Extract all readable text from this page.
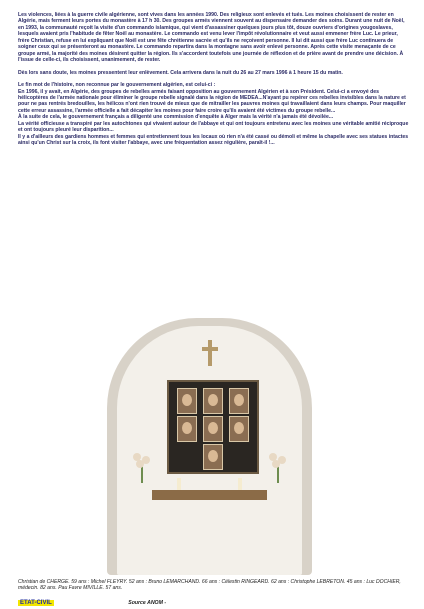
Les violences, liées à la guerre civile algérienne, sont vives dans les années 1990. Des religieux sont enlevés et tués. Les moines choisissent de rester en Algérie, mais ferment leurs portes du monastère à 17 h 30. Des groupes armés viennent souvent au dispensaire demander des soins. Durant une nuit de Noël, en 1993, la communauté reçoit la visite d'un commando islamique, qui vient d'assassiner quelques jours plus tôt, douze ouvriers d'origines yougoslaves, lesquels avaient pris l'habitude de fêter Noël au monastère. Le commando est venu lever l'impôt révolutionnaire et veut aussi emmener frère Luc. Le prieur, frère Christian, refuse en lui expliquant que Noël est une fête chrétienne sacrée et qu'ils ne reçoivent personne. Il lui dit aussi que frère Luc continuera de soigner ceux qui se présenteront au monastère. Le commando repartira dans la montagne sans avoir enlevé personne. Après cette visite menaçante de ce groupe armé, la majorité des moines désirent quitter la région. Ils s'accordent toutefois une journée de réflexion et de prière avant de prendre une décision. À l'issue de celle-ci, ils choisissent, unanimement, de rester.

Dès lors sans doute, les moines pressentent leur enlèvement. Cela arrivera dans la nuit du 26 au 27 mars 1996 à 1 heure 15 du matin.

Le fin mot de l'histoire, non reconnue par le gouvernement algérien, est celui-ci :
En 1996, il y avait, en Algérie, des groupes de rebelles armés faisant opposition au gouvernement Algérien et à son Président. Celui-ci a envoyé des hélicoptères de l'armée nationale pour éliminer le groupe rebelle signalé dans la région de MEDEA...N'ayant pu repérer ces rebelles invisibles dans la nature et pour ne pas rentrés bredouilles, les hélicos n'ont rien trouvé de mieux que de mitrailler les pauvres moines qui travaillaient dans leurs champs. Pour maquiller cette erreur assassine, l'armée officielle a fait décapiter les moines pour faire croire qu'ils avaient été victimes du groupe rebelle...
À la suite de cela, le gouvernement français a diligenté une commission d'enquête à Alger mais la vérité n'a jamais été dévoilée...
La vérité officieuse a transpiré par les autochtones qui vivaient autour de l'abbaye et qui ont toujours entretenu avec les moines une véritable amitié réciproque et ont toujours pleuré leur disparition...
Il y a d'ailleurs des gardiens hommes et femmes qui entretiennent tous les locaux où rien n'a été cassé ou démoli et même la chapelle avec ses statues intactes ainsi qu'un Christ sur la croix, ils font visiter l'abbaye, avec une fréquentation assez régulière, paraît-il !...

Christian de CHERGE. 59 ans : Michel FLEYRY. 52 ans : Bruno LEMARCHAND. 66 ans : Célestin RINGEARD. 62 ans : Christophe LEBRETON. 45 ans : Luc DOCHIER, médecin. 82 ans. Pau Favre MIVILLE. 57 ans.
ETAT-CIVIL	Source ANOM -
